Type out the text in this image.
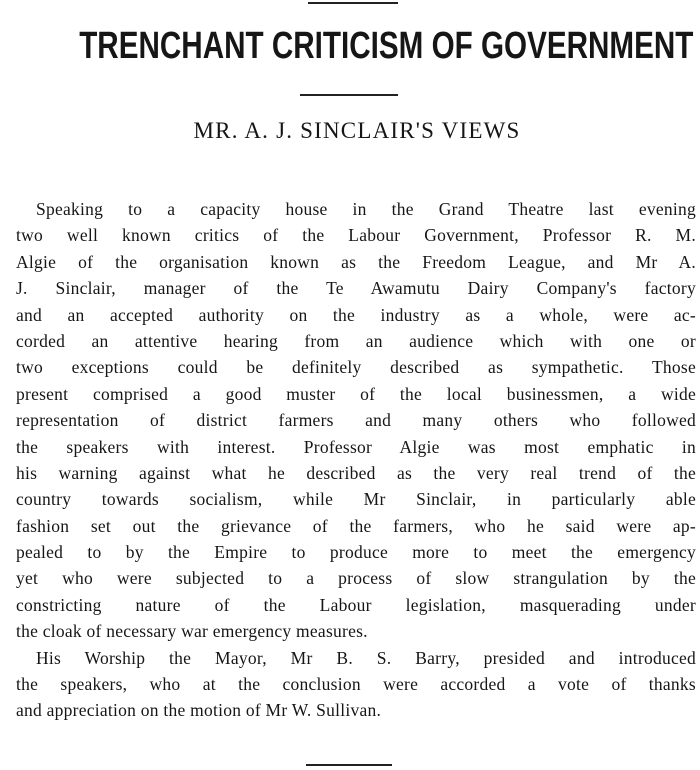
TRENCHANT CRITICISM OF GOVERNMENT
MR. A. J. SINCLAIR'S VIEWS
Speaking to a capacity house in the Grand Theatre last evening
two well known critics of the Labour Government, Professor R. M.
Algie of the organisation known as the Freedom League, and Mr A.
J. Sinclair, manager of the Te Awamutu Dairy Company's factory
and an accepted authority on the industry as a whole, were ac-
corded an attentive hearing from an audience which with one or
two exceptions could be definitely described as sympathetic. Those
present comprised a good muster of the local businessmen, a wide
representation of district farmers and many others who followed
the speakers with interest. Professor Algie was most emphatic in
his warning against what he described as the very real trend of the
country towards socialism, while Mr Sinclair, in particularly able
fashion set out the grievance of the farmers, who he said were ap-
pealed to by the Empire to produce more to meet the emergency
yet who were subjected to a process of slow strangulation by the
constricting nature of the Labour legislation, masquerading under
the cloak of necessary war emergency measures.
His Worship the Mayor, Mr B. S. Barry, presided and introduced
the speakers, who at the conclusion were accorded a vote of thanks
and appreciation on the motion of Mr W. Sullivan.
